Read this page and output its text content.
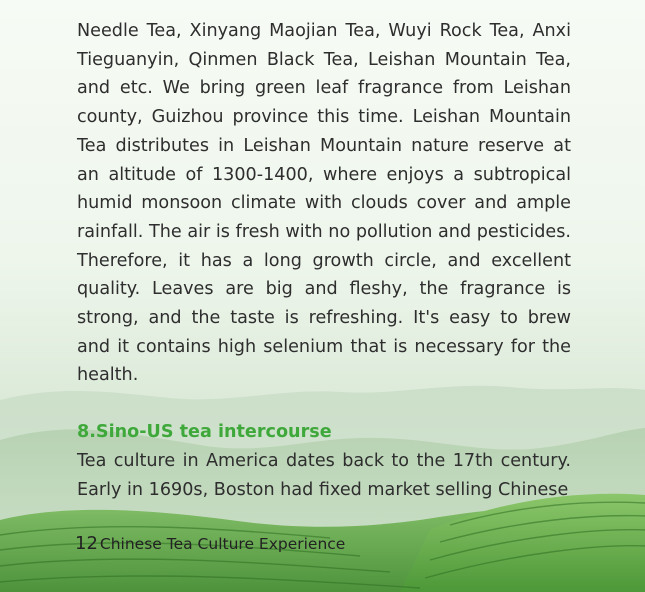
Needle Tea, Xinyang Maojian Tea, Wuyi Rock Tea, Anxi Tieguanyin, Qinmen Black Tea, Leishan Mountain Tea, and etc. We bring green leaf fragrance from Leishan county, Guizhou province this time. Leishan Mountain Tea distributes in Leishan Mountain nature reserve at an altitude of 1300-1400, where enjoys a subtropical humid monsoon climate with clouds cover and ample rainfall. The air is fresh with no pollution and pesticides. Therefore, it has a long growth circle, and excellent quality. Leaves are big and fleshy, the fragrance is strong, and the taste is refreshing. It's easy to brew and it contains high selenium that is necessary for the health.

8.Sino-US tea intercourse
Tea culture in America dates back to the 17th century. Early in 1690s, Boston had fixed market selling Chinese
12 Chinese Tea Culture Experience
